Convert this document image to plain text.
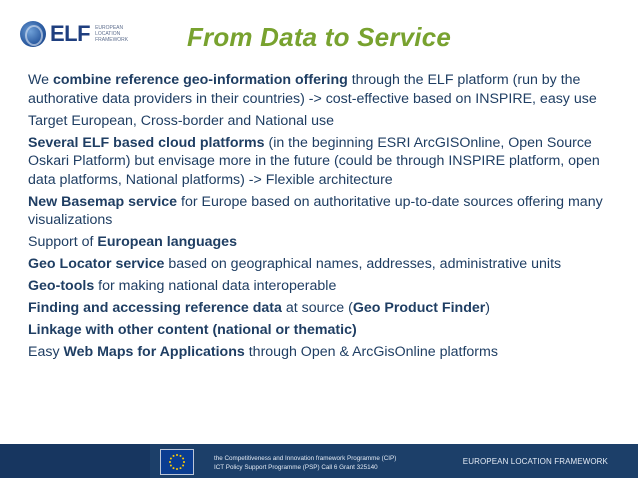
ELF EUROPEAN
LOCATION
FRAMEWORK	From Data to Service

We combine reference geo-information offering through the ELF platform (run by the authorative data providers in their countries) -> cost-effective based on INSPIRE, easy use

Target European, Cross-border and National use

Several ELF based cloud platforms (in the beginning ESRI ArcGISOnline, Open Source Oskari Platform) but envisage more in the future (could be through INSPIRE platform, open data platforms, National platforms) -> Flexible architecture

New Basemap service for Europe based on authoritative up-to-date sources offering many visualizations

Support of European languages

Geo Locator service based on geographical names, addresses, administrative units

Geo-tools for making national data interoperable

Finding and accessing reference data at source (Geo Product Finder)

Linkage with other content (national or thematic)

Easy Web Maps for Applications through Open & ArcGisOnline platforms

the Competitiveness and Innovation framework Programme (CIP)
ICT Policy Support Programme (PSP) Call 6 Grant 325140
EUROPEAN LOCATION FRAMEWORK
